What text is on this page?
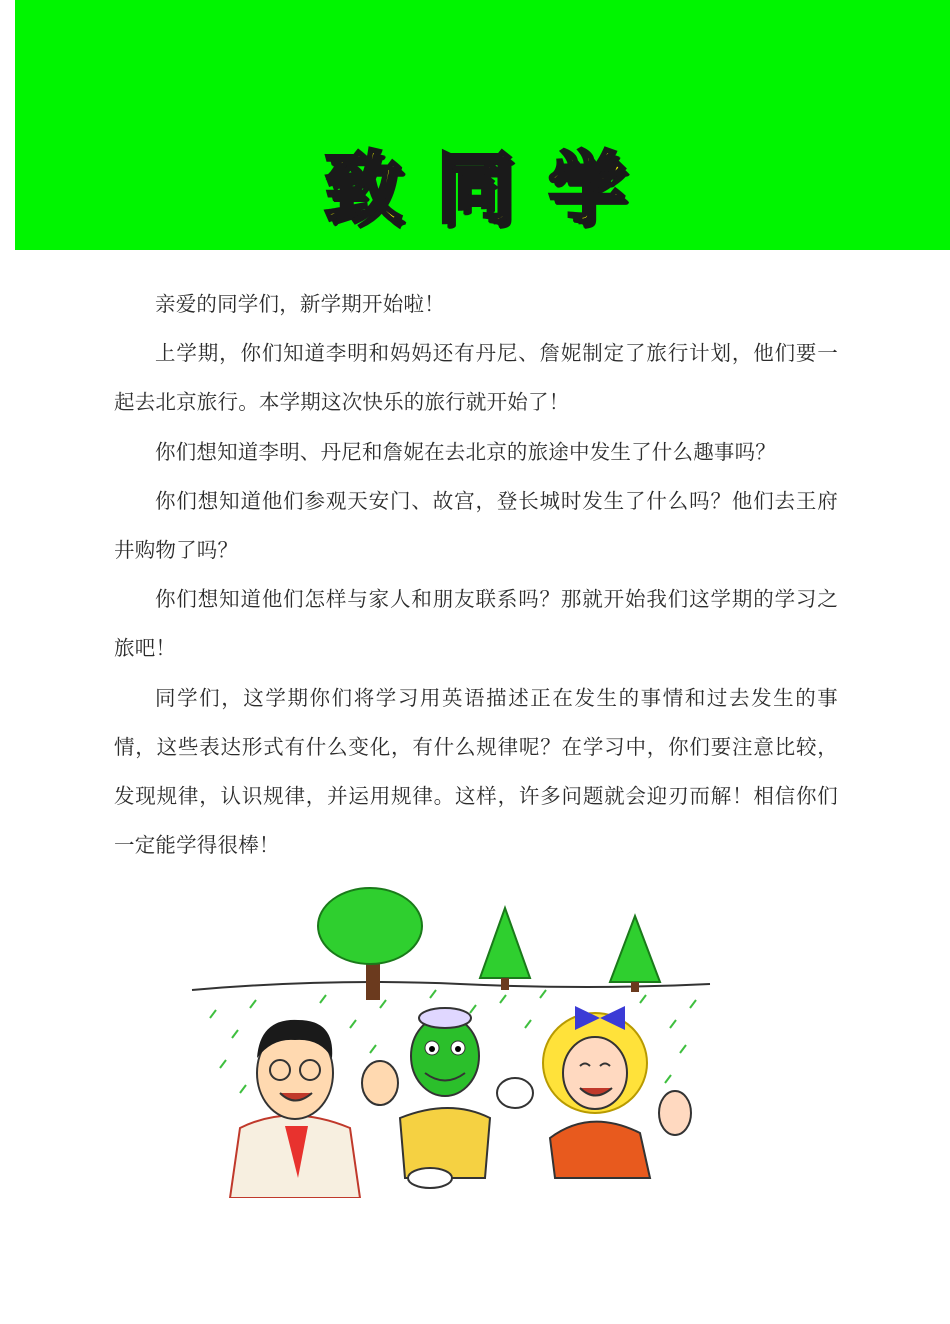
致同学

亲爱的同学们，新学期开始啦！

上学期，你们知道李明和妈妈还有丹尼、詹妮制定了旅行计划，他们要一起去北京旅行。本学期这次快乐的旅行就开始了！

你们想知道李明、丹尼和詹妮在去北京的旅途中发生了什么趣事吗？

你们想知道他们参观天安门、故宫，登长城时发生了什么吗？他们去王府井购物了吗？

你们想知道他们怎样与家人和朋友联系吗？那就开始我们这学期的学习之旅吧！

同学们，这学期你们将学习用英语描述正在发生的事情和过去发生的事情，这些表达形式有什么变化，有什么规律呢？在学习中，你们要注意比较，发现规律，认识规律，并运用规律。这样，许多问题就会迎刃而解！相信你们一定能学得很棒！
